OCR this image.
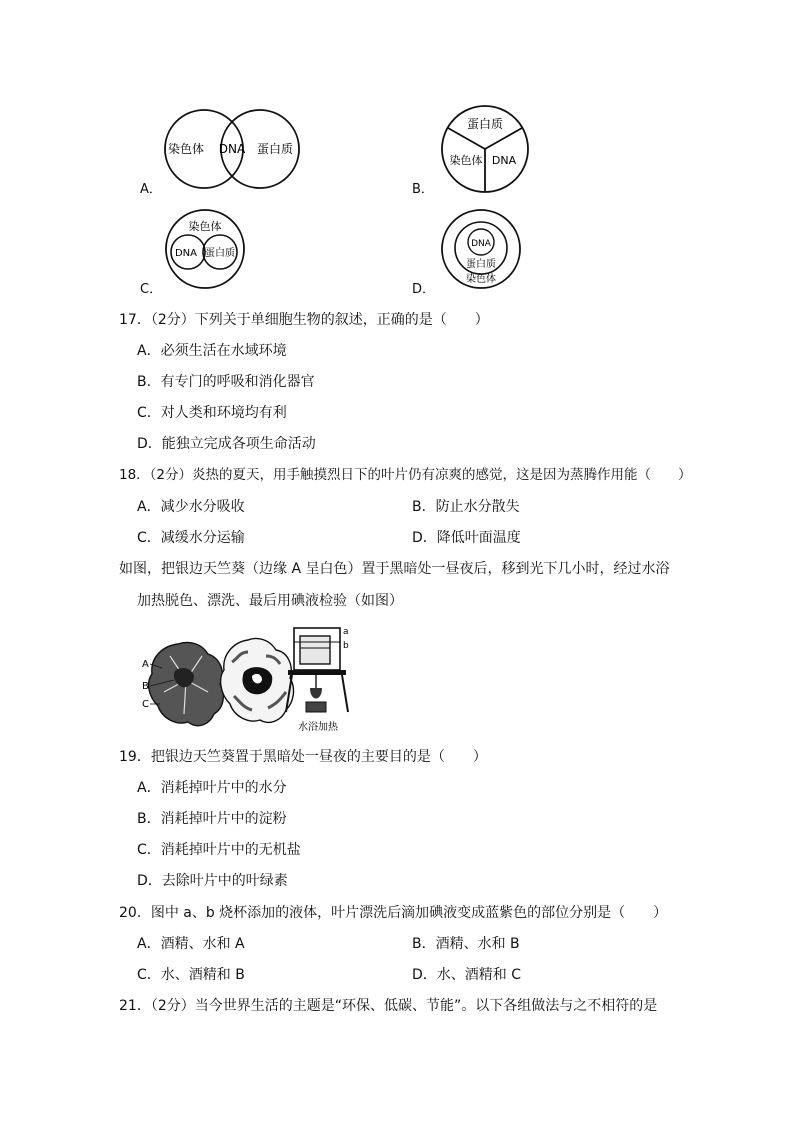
染色体 DNA 蛋白质
A．
蛋白质
染色体 DNA
B．
染色体
DNA 蛋白质
C．
DNA
蛋白质
染色体
D．
17．（2分）下列关于单细胞生物的叙述，正确的是（　　）
A．必须生活在水域环境
B．有专门的呼吸和消化器官
C．对人类和环境均有利
D．能独立完成各项生命活动
18．（2分）炎热的夏天，用手触摸烈日下的叶片仍有凉爽的感觉，这是因为蒸腾作用能（　　）
A．减少水分吸收	B．防止水分散失
C．减缓水分运输	D．降低叶面温度
如图，把银边天竺葵（边缘 A 呈白色）置于黑暗处一昼夜后，移到光下几小时，经过水浴
加热脱色、漂洗、最后用碘液检验（如图）
A
B
C
a
b
水浴加热
19．把银边天竺葵置于黑暗处一昼夜的主要目的是（　　）
A．消耗掉叶片中的水分
B．消耗掉叶片中的淀粉
C．消耗掉叶片中的无机盐
D．去除叶片中的叶绿素
20．图中 a、b 烧杯添加的液体，叶片漂洗后滴加碘液变成蓝紫色的部位分别是（　　）
A．酒精、水和 A	B．酒精、水和 B
C．水、酒精和 B	D．水、酒精和 C
21．（2分）当今世界生活的主题是“环保、低碳、节能”。以下各组做法与之不相符的是
